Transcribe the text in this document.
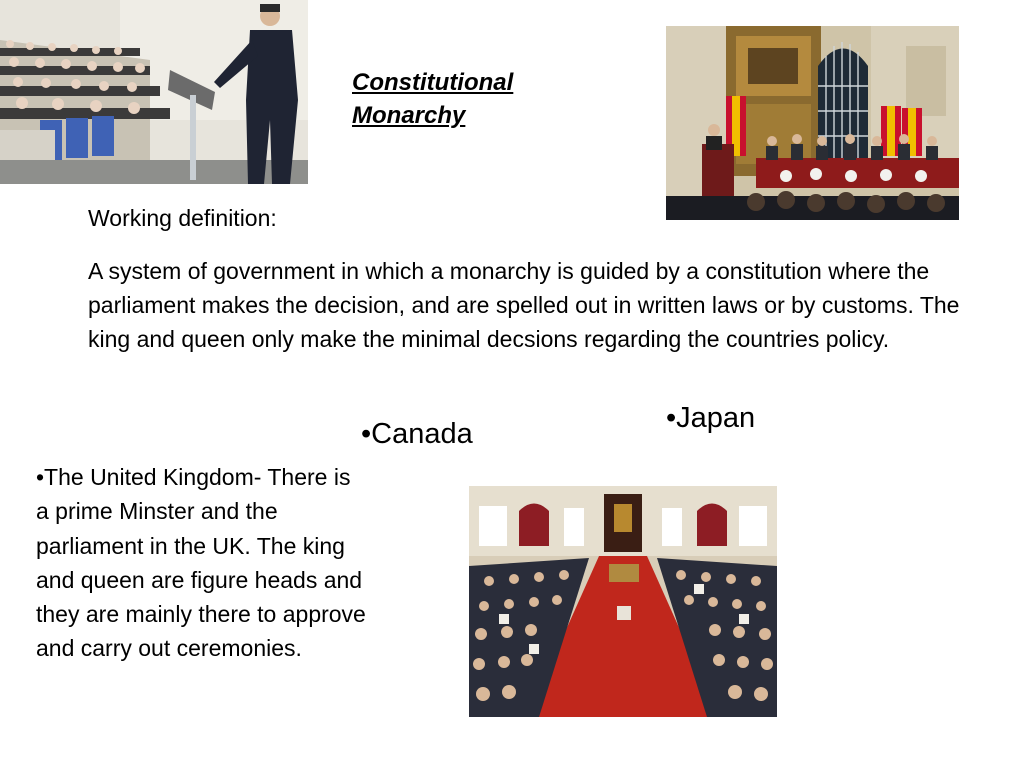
Constitutional Monarchy
Working definition:
A system of government in which a monarchy is guided by a constitution where the parliament makes the decision, and are spelled out in written laws or by customs. The king and queen only make the minimal decsions regarding the countries policy.
•Japan
•Canada
•The United Kingdom- There is a prime Minster and the parliament in the UK. The king and queen are figure heads and they are mainly there to approve and carry out ceremonies.
